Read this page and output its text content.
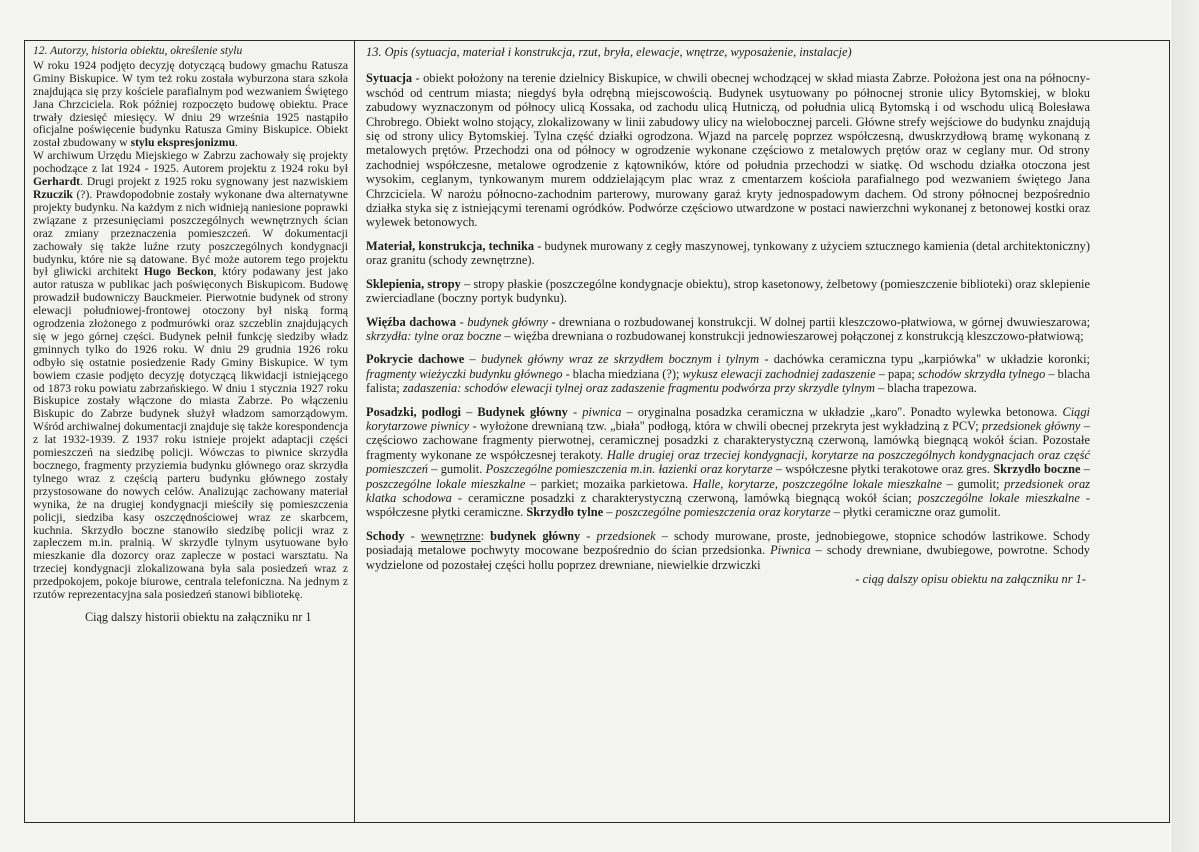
12. Autorzy, historia obiektu, określenie stylu
W roku 1924 podjęto decyzję dotyczącą budowy gmachu Ratusza Gminy Biskupice. W tym też roku została wyburzona stara szkoła znajdująca się przy kościele parafialnym pod wezwaniem Świętego Jana Chrzciciela. Rok później rozpoczęto budowę obiektu. Prace trwały dziesięć miesięcy. W dniu 29 września 1925 nastąpiło oficjalne poświęcenie budynku Ratusza Gminy Biskupice. Obiekt został zbudowany w stylu ekspresjonizmu.
W archiwum Urzędu Miejskiego w Zabrzu zachowały się projekty pochodzące z lat 1924 - 1925. Autorem projektu z 1924 roku był Gerhardt. Drugi projekt z 1925 roku sygnowany jest nazwiskiem Rzuczik (?). Prawdopodobnie zostały wykonane dwa alternatywne projekty budynku. Na każdym z nich widnieją naniesione poprawki związane z przesunięciami poszczególnych wewnętrznych ścian oraz zmiany przeznaczenia pomieszczeń. W dokumentacji zachowały się także luźne rzuty poszczególnych kondygnacji budynku, które nie są datowane. Być może autorem tego projektu był gliwicki architekt Hugo Beckon, który podawany jest jako autor ratusza w publikac jach poświęconych Biskupicom. Budowę prowadził budowniczy Bauckmeier. Pierwotnie budynek od strony elewacji południowej-frontowej otoczony był niską formą ogrodzenia złożonego z podmurówki oraz szczeblin znajdujących się w jego górnej części. Budynek pełnił funkcję siedziby władz gminnych tylko do 1926 roku. W dniu 29 grudnia 1926 roku odbyło się ostatnie posiedzenie Rady Gminy Biskupice. W tym bowiem czasie podjęto decyzję dotyczącą likwidacji istniejącego od 1873 roku powiatu zabrzańskiego. W dniu 1 stycznia 1927 roku Biskupice zostały włączone do miasta Zabrze. Po włączeniu Biskupic do Zabrze budynek służył władzom samorządowym. Wśród archiwalnej dokumentacji znajduje się także korespondencja z lat 1932-1939. Z 1937 roku istnieje projekt adaptacji części pomieszczeń na siedzibę policji. Wówczas to piwnice skrzydła bocznego, fragmenty przyziemia budynku głównego oraz skrzydła tylnego wraz z częścią parteru budynku głównego zostały przystosowane do nowych celów. Analizując zachowany materiał wynika, że na drugiej kondygnacji mieściły się pomieszczenia policji, siedziba kasy oszczędnościowej wraz ze skarbcem, kuchnia. Skrzydło boczne stanowiło siedzibę policji wraz z zapleczem m.in. pralnią. W skrzydle tylnym usytuowane było mieszkanie dla dozorcy oraz zaplecze w postaci warsztatu. Na trzeciej kondygnacji zlokalizowana była sala posiedzeń wraz z przedpokojem, pokoje biurowe, centrala telefoniczna. Na jednym z rzutów reprezentacyjna sala posiedzeń stanowi bibliotekę.
Ciąg dalszy historii obiektu na załączniku nr 1
13. Opis (sytuacja, materiał i konstrukcja, rzut, bryła, elewacje, wnętrze, wyposażenie, instalacje)
Sytuacja - obiekt położony na terenie dzielnicy Biskupice, w chwili obecnej wchodzącej w skład miasta Zabrze. Położona jest ona na północny-wschód od centrum miasta; niegdyś była odrębną miejscowością. Budynek usytuowany po północnej stronie ulicy Bytomskiej, w bloku zabudowy wyznaczonym od północy ulicą Kossaka, od zachodu ulicą Hutniczą, od południa ulicą Bytomską i od wschodu ulicą Bolesława Chrobrego. Obiekt wolno stojący, zlokalizowany w linii zabudowy ulicy na wielobocznej parceli. Główne strefy wejściowe do budynku znajdują się od strony ulicy Bytomskiej. Tylna część działki ogrodzona. Wjazd na parcelę poprzez współczesną, dwuskrzydłową bramę wykonaną z metalowych prętów. Przechodzi ona od północy w ogrodzenie wykonane częściowo z metalowych prętów oraz w ceglany mur. Od strony zachodniej współczesne, metalowe ogrodzenie z kątowników, które od południa przechodzi w siatkę. Od wschodu działka otoczona jest wysokim, ceglanym, tynkowanym murem oddzielającym plac wraz z cmentarzem kościoła parafialnego pod wezwaniem świętego Jana Chrzciciela. W narożu północno-zachodnim parterowy, murowany garaż kryty jednospadowym dachem. Od strony północnej bezpośrednio działka styka się z istniejącymi terenami ogródków. Podwórze częściowo utwardzone w postaci nawierzchni wykonanej z betonowej kostki oraz wylewek betonowych.
Materiał, konstrukcja, technika - budynek murowany z cegły maszynowej, tynkowany z użyciem sztucznego kamienia (detal architektoniczny) oraz granitu (schody zewnętrzne).
Sklepienia, stropy – stropy płaskie (poszczególne kondygnacje obiektu), strop kasetonowy, żelbetowy (pomieszczenie biblioteki) oraz sklepienie zwierciadlane (boczny portyk budynku).
Więźba dachowa - budynek główny - drewniana o rozbudowanej konstrukcji. W dolnej partii kleszczowo-płatwiowa, w górnej dwuwieszarowa; skrzydła: tylne oraz boczne – więźba drewniana o rozbudowanej konstrukcji jednowieszarowej połączonej z konstrukcją kleszczowo-płatwiową;
Pokrycie dachowe – budynek główny wraz ze skrzydłem bocznym i tylnym - dachówka ceramiczna typu „karpiówka" w układzie koronki; fragmenty wieżyczki budynku głównego - blacha miedziana (?); wykusz elewacji zachodniej zadaszenie – papa; schodów skrzydła tylnego – blacha falista; zadaszenia: schodów elewacji tylnej oraz zadaszenie fragmentu podwórza przy skrzydle tylnym – blacha trapezowa.
Posadzki, podłogi – Budynek główny - piwnica – oryginalna posadzka ceramiczna w układzie „karo". Ponadto wylewka betonowa. Ciągi korytarzowe piwnicy - wyłożone drewnianą tzw. „biała" podłogą, która w chwili obecnej przekryta jest wykładziną z PCV; przedsionek główny – częściowo zachowane fragmenty pierwotnej, ceramicznej posadzki z charakterystyczną czerwoną, lamówką biegnącą wokół ścian. Pozostałe fragmenty wykonane ze współczesnej terakoty. Halle drugiej oraz trzeciej kondygnacji, korytarze na poszczególnych kondygnacjach oraz część pomieszczeń – gumolit. Poszczególne pomieszczenia m.in. łazienki oraz korytarze – współczesne płytki terakotowe oraz gres. Skrzydło boczne – poszczególne lokale mieszkalne – parkiet; mozaika parkietowa. Halle, korytarze, poszczególne lokale mieszkalne – gumolit; przedsionek oraz klatka schodowa - ceramiczne posadzki z charakterystyczną czerwoną, lamówką biegnącą wokół ścian; poszczególne lokale mieszkalne - współczesne płytki ceramiczne. Skrzydło tylne – poszczególne pomieszczenia oraz korytarze – płytki ceramiczne oraz gumolit.
Schody - wewnętrzne: budynek główny - przedsionek – schody murowane, proste, jednobiegowe, stopnice schodów lastrikowe. Schody posiadają metalowe pochwyty mocowane bezpośrednio do ścian przedsionka. Piwnica – schody drewniane, dwubiegowe, powrotne. Schody wydzielone od pozostałej części hollu poprzez drewniane, niewielkie drzwiczki
- ciąg dalszy opisu obiektu na załączniku nr 1-
